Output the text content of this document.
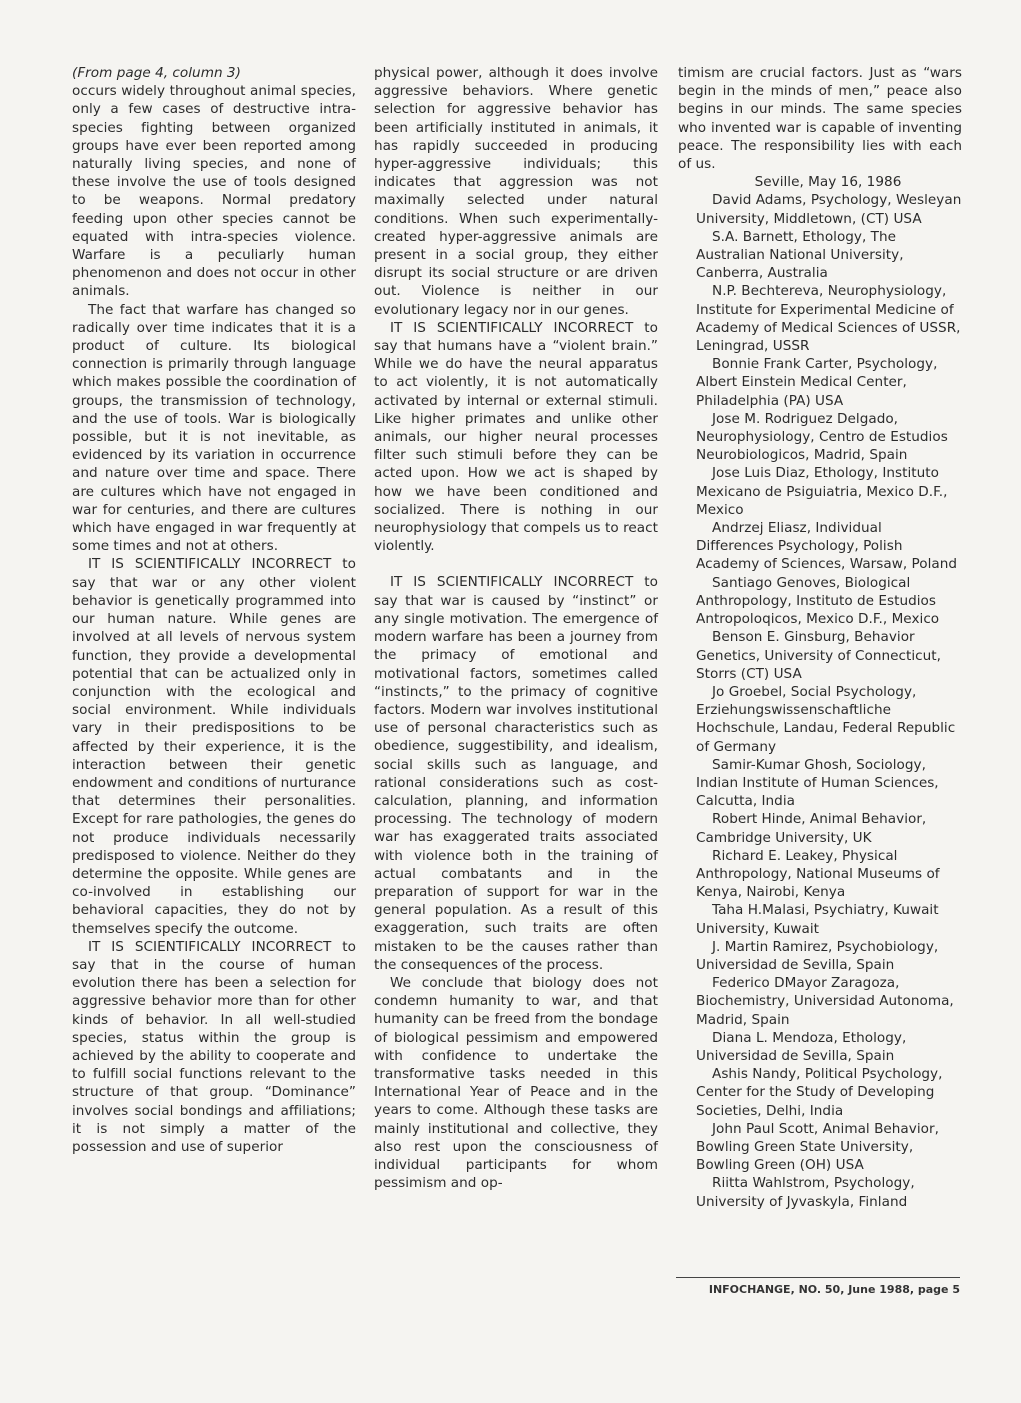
(From page 4, column 3)
occurs widely throughout animal species, only a few cases of destructive intra-species fighting between organized groups have ever been reported among naturally living species, and none of these involve the use of tools designed to be weapons. Normal predatory feeding upon other species cannot be equated with intra-species violence. Warfare is a peculiarly human phenomenon and does not occur in other animals.

The fact that warfare has changed so radically over time indicates that it is a product of culture. Its biological connection is primarily through language which makes possible the coordination of groups, the transmission of technology, and the use of tools. War is biologically possible, but it is not inevitable, as evidenced by its variation in occurrence and nature over time and space. There are cultures which have not engaged in war for centuries, and there are cultures which have engaged in war frequently at some times and not at others.

IT IS SCIENTIFICALLY INCORRECT to say that war or any other violent behavior is genetically programmed into our human nature. While genes are involved at all levels of nervous system function, they provide a developmental potential that can be actualized only in conjunction with the ecological and social environment. While individuals vary in their predispositions to be affected by their experience, it is the interaction between their genetic endowment and conditions of nurturance that determines their personalities. Except for rare pathologies, the genes do not produce individuals necessarily predisposed to violence. Neither do they determine the opposite. While genes are co-involved in establishing our behavioral capacities, they do not by themselves specify the outcome.

IT IS SCIENTIFICALLY INCORRECT to say that in the course of human evolution there has been a selection for aggressive behavior more than for other kinds of behavior. In all well-studied species, status within the group is achieved by the ability to cooperate and to fulfill social functions relevant to the structure of that group. “Dominance” involves social bondings and affiliations; it is not simply a matter of the possession and use of superior

physical power, although it does involve aggressive behaviors. Where genetic selection for aggressive behavior has been artificially instituted in animals, it has rapidly succeeded in producing hyper-aggressive individuals; this indicates that aggression was not maximally selected under natural conditions. When such experimentally-created hyper-aggressive animals are present in a social group, they either disrupt its social structure or are driven out. Violence is neither in our evolutionary legacy nor in our genes.

IT IS SCIENTIFICALLY INCORRECT to say that humans have a “violent brain.” While we do have the neural apparatus to act violently, it is not automatically activated by internal or external stimuli. Like higher primates and unlike other animals, our higher neural processes filter such stimuli before they can be acted upon. How we act is shaped by how we have been conditioned and socialized. There is nothing in our neurophysiology that compels us to react violently.

IT IS SCIENTIFICALLY INCORRECT to say that war is caused by “instinct” or any single motivation. The emergence of modern warfare has been a journey from the primacy of emotional and motivational factors, sometimes called “instincts,” to the primacy of cognitive factors. Modern war involves institutional use of personal characteristics such as obedience, suggestibility, and idealism, social skills such as language, and rational considerations such as cost-calculation, planning, and information processing. The technology of modern war has exaggerated traits associated with violence both in the training of actual combatants and in the preparation of support for war in the general population. As a result of this exaggeration, such traits are often mistaken to be the causes rather than the consequences of the process.

We conclude that biology does not condemn humanity to war, and that humanity can be freed from the bondage of biological pessimism and empowered with confidence to undertake the transformative tasks needed in this International Year of Peace and in the years to come. Although these tasks are mainly institutional and collective, they also rest upon the consciousness of individual participants for whom pessimism and op-

timism are crucial factors. Just as “wars begin in the minds of men,” peace also begins in our minds. The same species who invented war is capable of inventing peace. The responsibility lies with each of us.

Seville, May 16, 1986

David Adams, Psychology, Wesleyan University, Middletown, (CT) USA

S.A. Barnett, Ethology, The Australian National University, Canberra, Australia

N.P. Bechtereva, Neurophysiology, Institute for Experimental Medicine of Academy of Medical Sciences of USSR, Leningrad, USSR

Bonnie Frank Carter, Psychology, Albert Einstein Medical Center, Philadelphia (PA) USA

Jose M. Rodriguez Delgado, Neurophysiology, Centro de Estudios Neurobiologicos, Madrid, Spain

Jose Luis Diaz, Ethology, Instituto Mexicano de Psiguiatria, Mexico D.F., Mexico

Andrzej Eliasz, Individual Differences Psychology, Polish Academy of Sciences, Warsaw, Poland

Santiago Genoves, Biological Anthropology, Instituto de Estudios Antropoloqicos, Mexico D.F., Mexico

Benson E. Ginsburg, Behavior Genetics, University of Connecticut, Storrs (CT) USA

Jo Groebel, Social Psychology, Erziehungswissenschaftliche Hochschule, Landau, Federal Republic of Germany

Samir-Kumar Ghosh, Sociology, Indian Institute of Human Sciences, Calcutta, India

Robert Hinde, Animal Behavior, Cambridge University, UK

Richard E. Leakey, Physical Anthropology, National Museums of Kenya, Nairobi, Kenya

Taha H.Malasi, Psychiatry, Kuwait University, Kuwait

J. Martin Ramirez, Psychobiology, Universidad de Sevilla, Spain

Federico DMayor Zaragoza, Biochemistry, Universidad Autonoma, Madrid, Spain

Diana L. Mendoza, Ethology, Universidad de Sevilla, Spain

Ashis Nandy, Political Psychology, Center for the Study of Developing Societies, Delhi, India

John Paul Scott, Animal Behavior, Bowling Green State University, Bowling Green (OH) USA

Riitta Wahlstrom, Psychology, University of Jyvaskyla, Finland

INFOCHANGE, NO. 50, June 1988, page 5
